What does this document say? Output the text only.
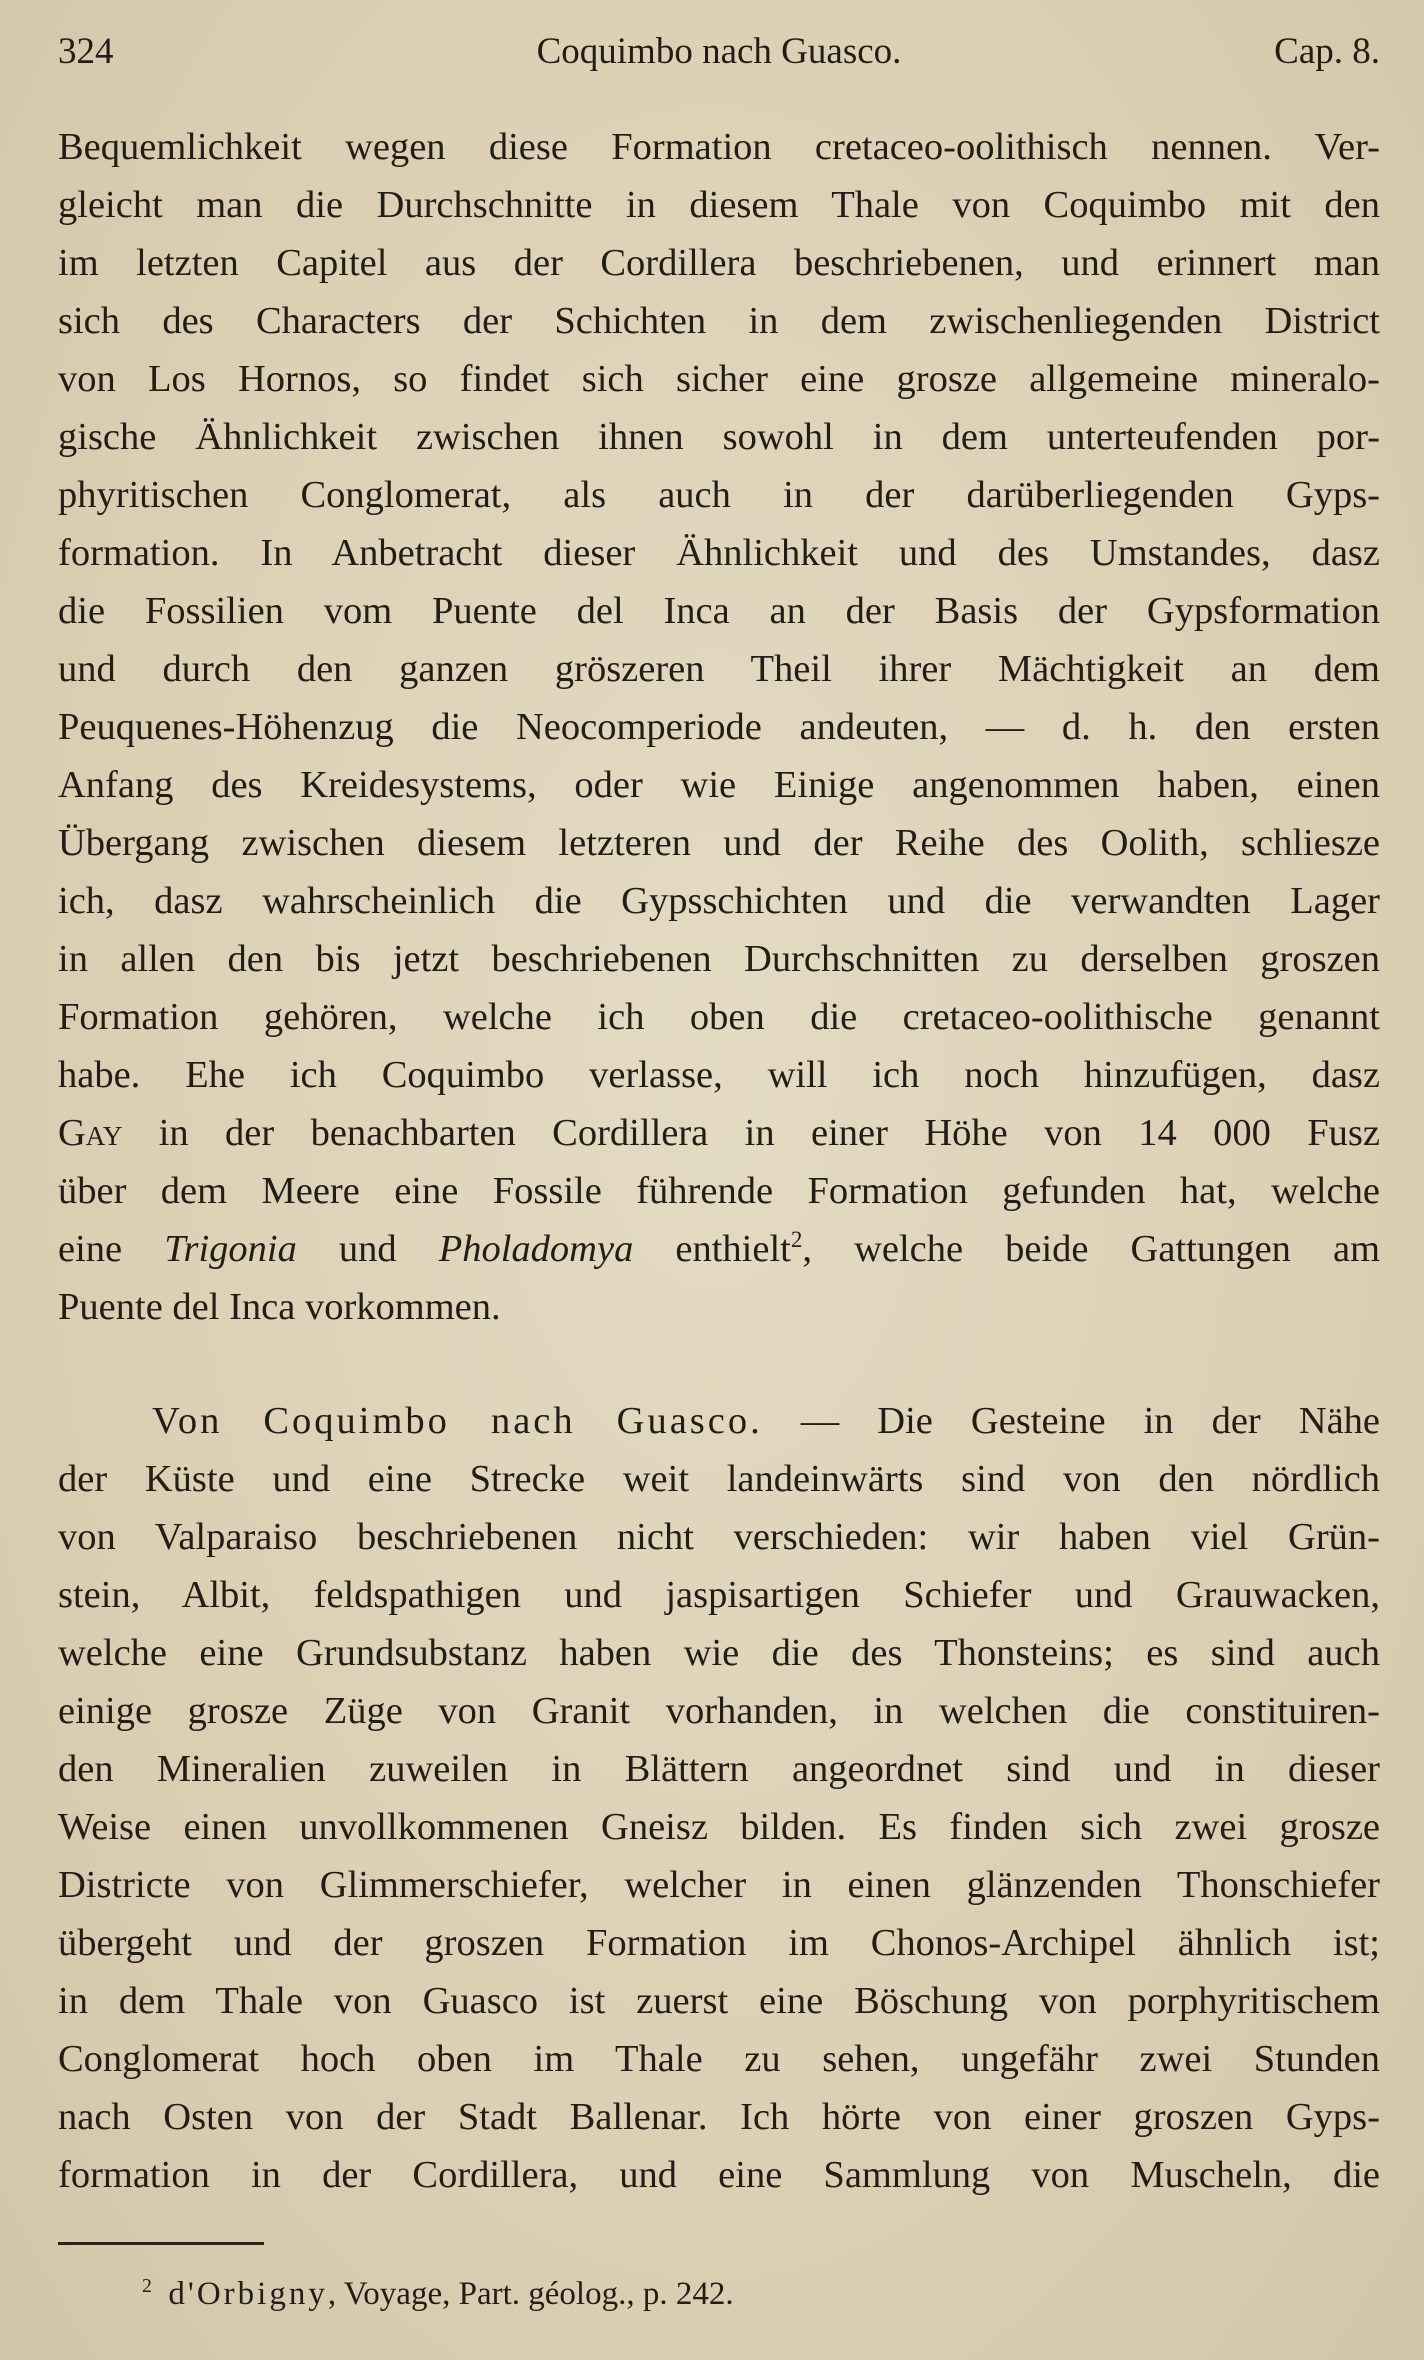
324	Coquimbo nach Guasco.	Cap. 8.
Bequemlichkeit wegen diese Formation cretaceo-oolithisch nennen. Ver-
gleicht man die Durchschnitte in diesem Thale von Coquimbo mit den
im letzten Capitel aus der Cordillera beschriebenen, und erinnert man
sich des Characters der Schichten in dem zwischenliegenden District
von Los Hornos, so findet sich sicher eine grosze allgemeine mineralo-
gische Ähnlichkeit zwischen ihnen sowohl in dem unterteufenden por-
phyritischen Conglomerat, als auch in der darüberliegenden Gyps-
formation. In Anbetracht dieser Ähnlichkeit und des Umstandes, dasz
die Fossilien vom Puente del Inca an der Basis der Gypsformation
und durch den ganzen gröszeren Theil ihrer Mächtigkeit an dem
Peuquenes-Höhenzug die Neocomperiode andeuten, — d. h. den ersten
Anfang des Kreidesystems, oder wie Einige angenommen haben, einen
Übergang zwischen diesem letzteren und der Reihe des Oolith, schliesze
ich, dasz wahrscheinlich die Gypsschichten und die verwandten Lager
in allen den bis jetzt beschriebenen Durchschnitten zu derselben groszen
Formation gehören, welche ich oben die cretaceo-oolithische genannt
habe. Ehe ich Coquimbo verlasse, will ich noch hinzufügen, dasz
Gay in der benachbarten Cordillera in einer Höhe von 14 000 Fusz
über dem Meere eine Fossile führende Formation gefunden hat, welche
eine Trigonia und Pholadomya enthielt$^2$, welche beide Gattungen am
Puente del Inca vorkommen.
Von Coquimbo nach Guasco. — Die Gesteine in der Nähe
der Küste und eine Strecke weit landeinwärts sind von den nördlich
von Valparaiso beschriebenen nicht verschieden: wir haben viel Grün-
stein, Albit, feldspathigen und jaspisartigen Schiefer und Grauwacken,
welche eine Grundsubstanz haben wie die des Thonsteins; es sind auch
einige grosze Züge von Granit vorhanden, in welchen die constituiren-
den Mineralien zuweilen in Blättern angeordnet sind und in dieser
Weise einen unvollkommenen Gneisz bilden. Es finden sich zwei grosze
Districte von Glimmerschiefer, welcher in einen glänzenden Thonschiefer
übergeht und der groszen Formation im Chonos-Archipel ähnlich ist;
in dem Thale von Guasco ist zuerst eine Böschung von porphyritischem
Conglomerat hoch oben im Thale zu sehen, ungefähr zwei Stunden
nach Osten von der Stadt Ballenar. Ich hörte von einer groszen Gyps-
formation in der Cordillera, und eine Sammlung von Muscheln, die
$^2$ d'Orbigny, Voyage, Part. géolog., p. 242.
